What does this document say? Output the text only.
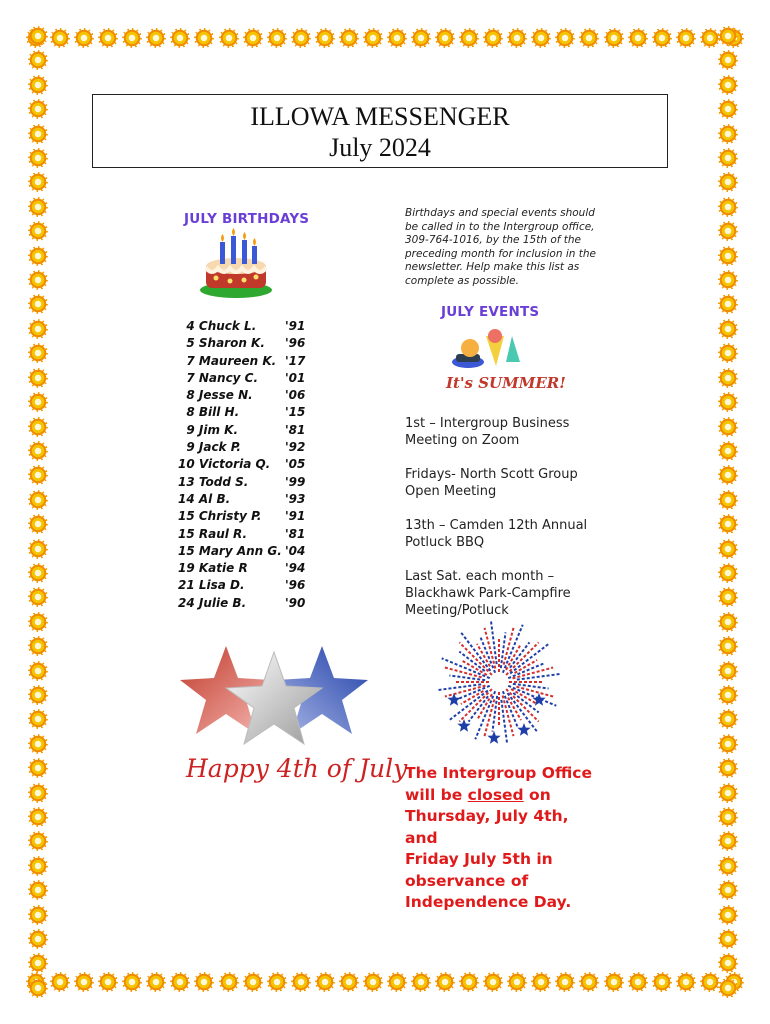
ILLOWA MESSENGER
July 2024
JULY BIRTHDAYS	Birthdays and special events should be called in to the Intergroup office, 309-764-1016, by the 15th of the preceding month for inclusion in the newsletter. Help make this list as complete as possible.
4 Chuck L.	'91
5 Sharon K.	'96
7 Maureen K. '17
7 Nancy C.	'01
8 Jesse N.	'06
8 Bill H.	'15
9 Jim K.	'81
9 Jack P.	'92
10 Victoria Q.	'05
13 Todd S.	'99
14 Al B.	'93
15 Christy P.	'91
15 Raul R.	'81
15 Mary Ann G. '04
19 Katie R	'94
21 Lisa D.	'96
24 Julie B.	'90
JULY EVENTS
It's SUMMER!
1st – Intergroup Business Meeting on Zoom
Fridays- North Scott Group Open Meeting
13th – Camden 12th Annual Potluck BBQ
Last Sat. each month – Blackhawk Park-Campfire Meeting/Potluck
Happy 4th of July
The Intergroup Office
will be closed on
Thursday, July 4th, and
Friday July 5th in
observance of
Independence Day.
